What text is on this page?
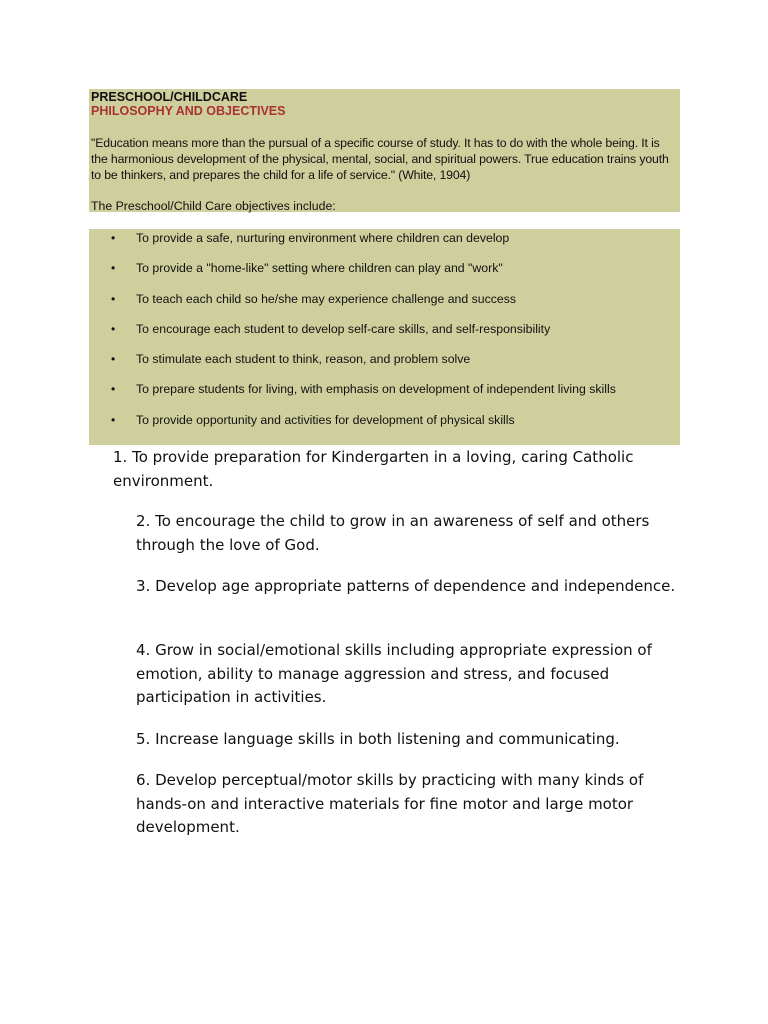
PRESCHOOL/CHILDCARE
PHILOSOPHY AND OBJECTIVES
"Education means more than the pursual of a specific course of study. It has to do with the whole being. It is the harmonious development of the physical, mental, social, and spiritual powers. True education trains youth to be thinkers, and prepares the child for a life of service." (White, 1904)
The Preschool/Child Care objectives include:
• To provide a safe, nurturing environment where children can develop
• To provide a "home-like" setting where children can play and "work"
• To teach each child so he/she may experience challenge and success
• To encourage each student to develop self-care skills, and self-responsibility
• To stimulate each student to think, reason, and problem solve
• To prepare students for living, with emphasis on development of independent living skills
• To provide opportunity and activities for development of physical skills

1. To provide preparation for Kindergarten in a loving, caring Catholic environment.

2. To encourage the child to grow in an awareness of self and others through the love of God.

3. Develop age appropriate patterns of dependence and independence.

4. Grow in social/emotional skills including appropriate expression of emotion, ability to manage aggression and stress, and focused participation in activities.

5. Increase language skills in both listening and communicating.

6. Develop perceptual/motor skills by practicing with many kinds of hands-on and interactive materials for fine motor and large motor development.
